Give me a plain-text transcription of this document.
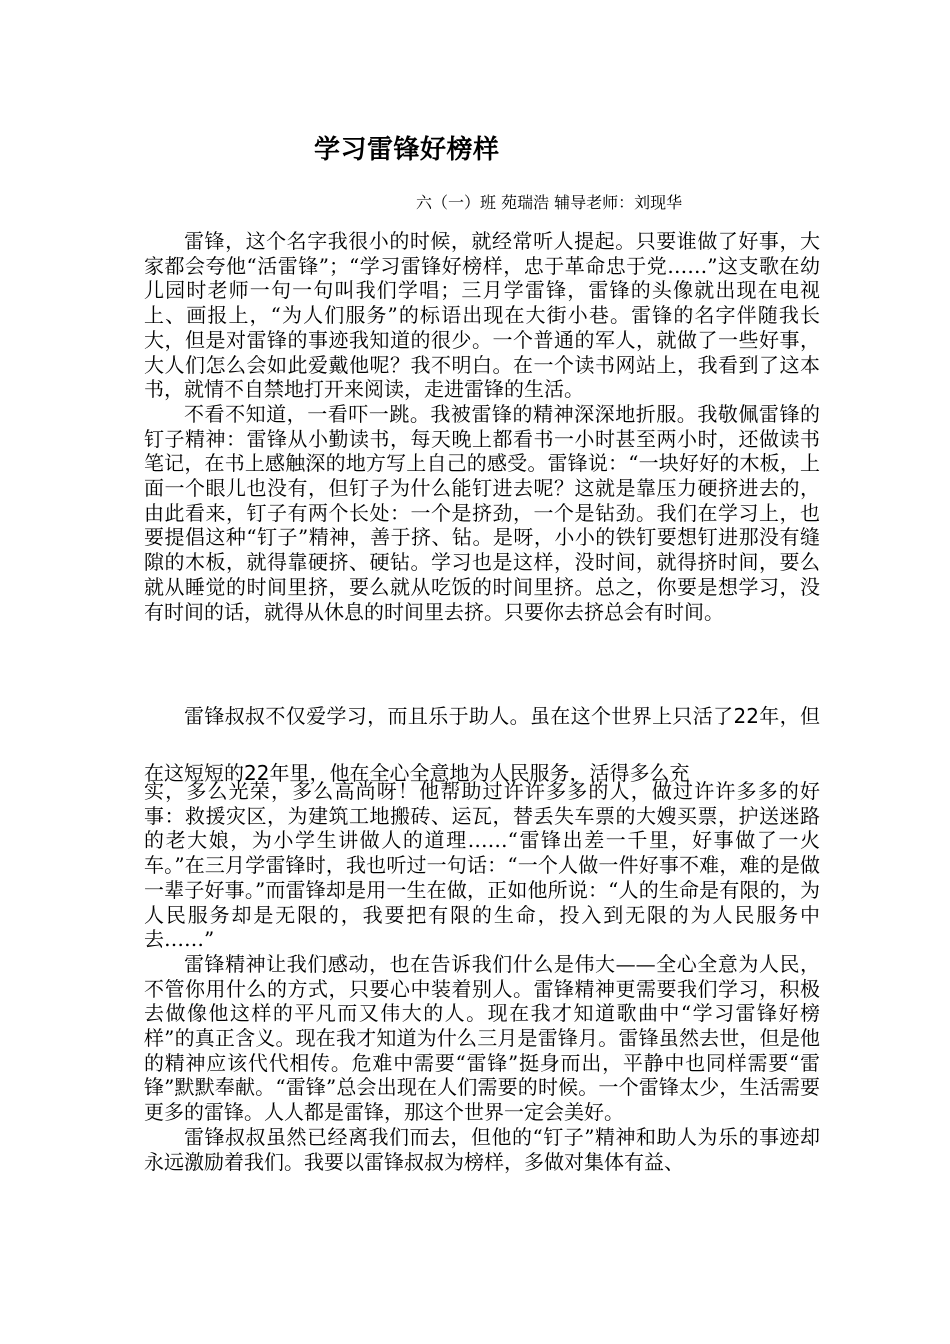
学习雷锋好榜样
六（一）班 苑瑞浩 辅导老师：刘现华

雷锋，这个名字我很小的时候，就经常听人提起。只要谁做了好事，大家都会夸他“活雷锋”；“学习雷锋好榜样，忠于革命忠于党……”这支歌在幼儿园时老师一句一句叫我们学唱；三月学雷锋，雷锋的头像就出现在电视上、画报上，“为人们服务”的标语出现在大街小巷。雷锋的名字伴随我长大，但是对雷锋的事迹我知道的很少。一个普通的军人，就做了一些好事，大人们怎么会如此爱戴他呢？我不明白。在一个读书网站上，我看到了这本书，就情不自禁地打开来阅读，走进雷锋的生活。

不看不知道，一看吓一跳。我被雷锋的精神深深地折服。我敬佩雷锋的钉子精神：雷锋从小勤读书，每天晚上都看书一小时甚至两小时，还做读书笔记，在书上感触深的地方写上自己的感受。雷锋说：“一块好好的木板，上面一个眼儿也没有，但钉子为什么能钉进去呢？这就是靠压力硬挤进去的，由此看来，钉子有两个长处：一个是挤劲，一个是钻劲。我们在学习上，也要提倡这种“钉子”精神，善于挤、钻。是呀，小小的铁钉要想钉进那没有缝隙的木板，就得靠硬挤、硬钻。学习也是这样，没时间，就得挤时间，要么就从睡觉的时间里挤，要么就从吃饭的时间里挤。总之，你要是想学习，没有时间的话，就得从休息的时间里去挤。只要你去挤总会有时间。

雷锋叔叔不仅爱学习，而且乐于助人。虽在这个世界上只活了22年，但在这短短的22年里，他在全心全意地为人民服务，活得多么充

实，多么光荣，多么高尚呀！他帮助过许许多多的人，做过许许多多的好事：救援灾区，为建筑工地搬砖、运瓦，替丢失车票的大嫂买票，护送迷路的老大娘，为小学生讲做人的道理……“雷锋出差一千里，好事做了一火车。”在三月学雷锋时，我也听过一句话：“一个人做一件好事不难，难的是做一辈子好事。”而雷锋却是用一生在做，正如他所说：“人的生命是有限的，为人民服务却是无限的，我要把有限的生命，投入到无限的为人民服务中去……”

雷锋精神让我们感动，也在告诉我们什么是伟大——全心全意为人民，不管你用什么的方式，只要心中装着别人。雷锋精神更需要我们学习，积极去做像他这样的平凡而又伟大的人。现在我才知道歌曲中“学习雷锋好榜样”的真正含义。现在我才知道为什么三月是雷锋月。雷锋虽然去世，但是他的精神应该代代相传。危难中需要“雷锋”挺身而出，平静中也同样需要“雷锋”默默奉献。“雷锋”总会出现在人们需要的时候。一个雷锋太少，生活需要更多的雷锋。人人都是雷锋，那这个世界一定会美好。

雷锋叔叔虽然已经离我们而去，但他的“钉子”精神和助人为乐的事迹却永远激励着我们。我要以雷锋叔叔为榜样，多做对集体有益、
